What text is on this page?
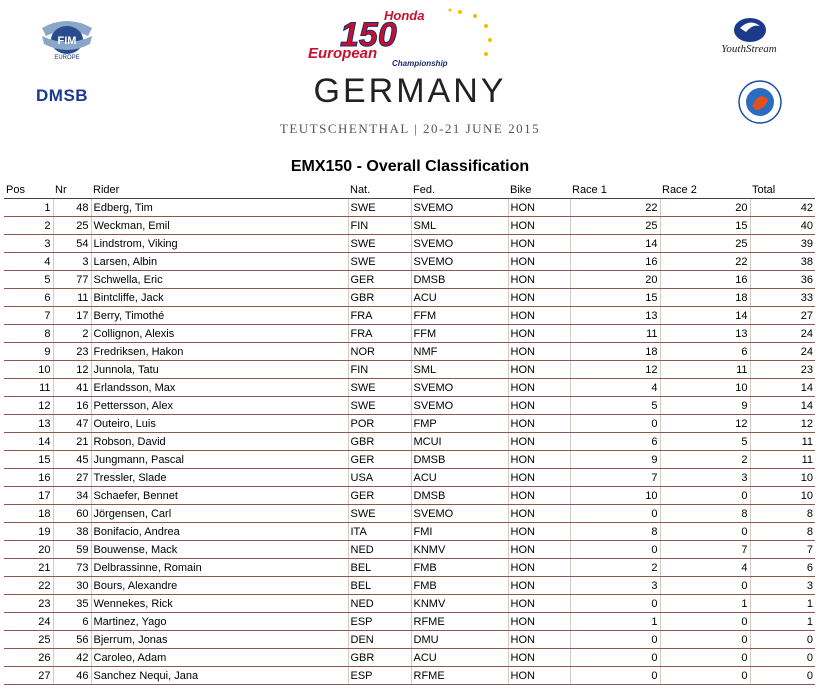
FIM
EUROPE
DMSB
Honda
150
European
Championship
GERMANY
TEUTSCHENTHAL | 20-21 JUNE 2015
YouthStream
EMX150 - Overall Classification
Pos	Nr	Rider	Nat.	Fed.	Bike	Race 1	Race 2	Total
1	48	Edberg, Tim	SWE	SVEMO	HON	22	20	42
2	25	Weckman, Emil	FIN	SML	HON	25	15	40
3	54	Lindstrom, Viking	SWE	SVEMO	HON	14	25	39
4	3	Larsen, Albin	SWE	SVEMO	HON	16	22	38
5	77	Schwella, Eric	GER	DMSB	HON	20	16	36
6	11	Bintcliffe, Jack	GBR	ACU	HON	15	18	33
7	17	Berry, Timothé	FRA	FFM	HON	13	14	27
8	2	Collignon, Alexis	FRA	FFM	HON	11	13	24
9	23	Fredriksen, Hakon	NOR	NMF	HON	18	6	24
10	12	Junnola, Tatu	FIN	SML	HON	12	11	23
11	41	Erlandsson, Max	SWE	SVEMO	HON	4	10	14
12	16	Pettersson, Alex	SWE	SVEMO	HON	5	9	14
13	47	Outeiro, Luis	POR	FMP	HON	0	12	12
14	21	Robson, David	GBR	MCUI	HON	6	5	11
15	45	Jungmann, Pascal	GER	DMSB	HON	9	2	11
16	27	Tressler, Slade	USA	ACU	HON	7	3	10
17	34	Schaefer, Bennet	GER	DMSB	HON	10	0	10
18	60	Jörgensen, Carl	SWE	SVEMO	HON	0	8	8
19	38	Bonifacio, Andrea	ITA	FMI	HON	8	0	8
20	59	Bouwense, Mack	NED	KNMV	HON	0	7	7
21	73	Delbrassinne, Romain	BEL	FMB	HON	2	4	6
22	30	Bours, Alexandre	BEL	FMB	HON	3	0	3
23	35	Wennekes, Rick	NED	KNMV	HON	0	1	1
24	6	Martinez, Yago	ESP	RFME	HON	1	0	1
25	56	Bjerrum, Jonas	DEN	DMU	HON	0	0	0
26	42	Caroleo, Adam	GBR	ACU	HON	0	0	0
27	46	Sanchez Nequi, Jana	ESP	RFME	HON	0	0	0
